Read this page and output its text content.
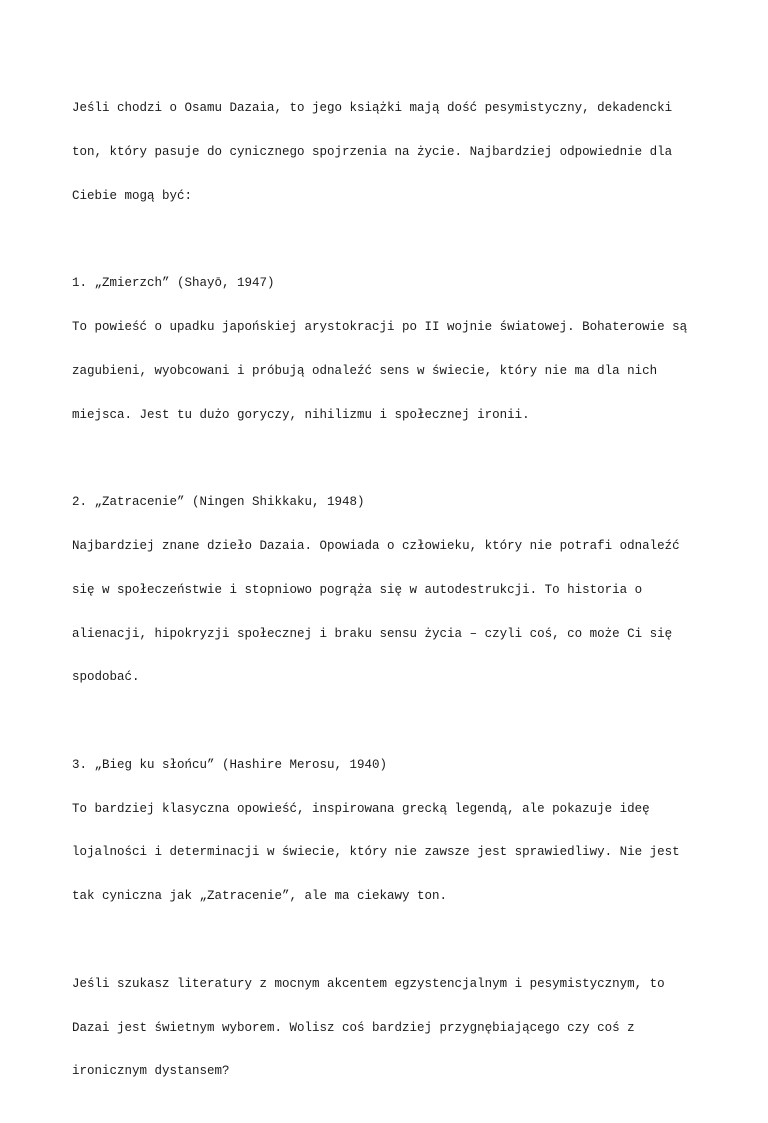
Jeśli chodzi o Osamu Dazaia, to jego książki mają dość pesymistyczny, dekadencki

ton, który pasuje do cynicznego spojrzenia na życie. Najbardziej odpowiednie dla

Ciebie mogą być:

1. „Zmierzch” (Shayō, 1947)

To powieść o upadku japońskiej arystokracji po II wojnie światowej. Bohaterowie są

zagubieni, wyobcowani i próbują odnaleźć sens w świecie, który nie ma dla nich

miejsca. Jest tu dużo goryczy, nihilizmu i społecznej ironii.

2. „Zatracenie” (Ningen Shikkaku, 1948)

Najbardziej znane dzieło Dazaia. Opowiada o człowieku, który nie potrafi odnaleźć

się w społeczeństwie i stopniowo pogrąża się w autodestrukcji. To historia o

alienacji, hipokryzji społecznej i braku sensu życia – czyli coś, co może Ci się

spodobać.

3. „Bieg ku słońcu” (Hashire Merosu, 1940)

To bardziej klasyczna opowieść, inspirowana grecką legendą, ale pokazuje ideę

lojalności i determinacji w świecie, który nie zawsze jest sprawiedliwy. Nie jest

tak cyniczna jak „Zatracenie”, ale ma ciekawy ton.

Jeśli szukasz literatury z mocnym akcentem egzystencjalnym i pesymistycznym, to

Dazai jest świetnym wyborem. Wolisz coś bardziej przygnębiającego czy coś z

ironicznym dystansem?
